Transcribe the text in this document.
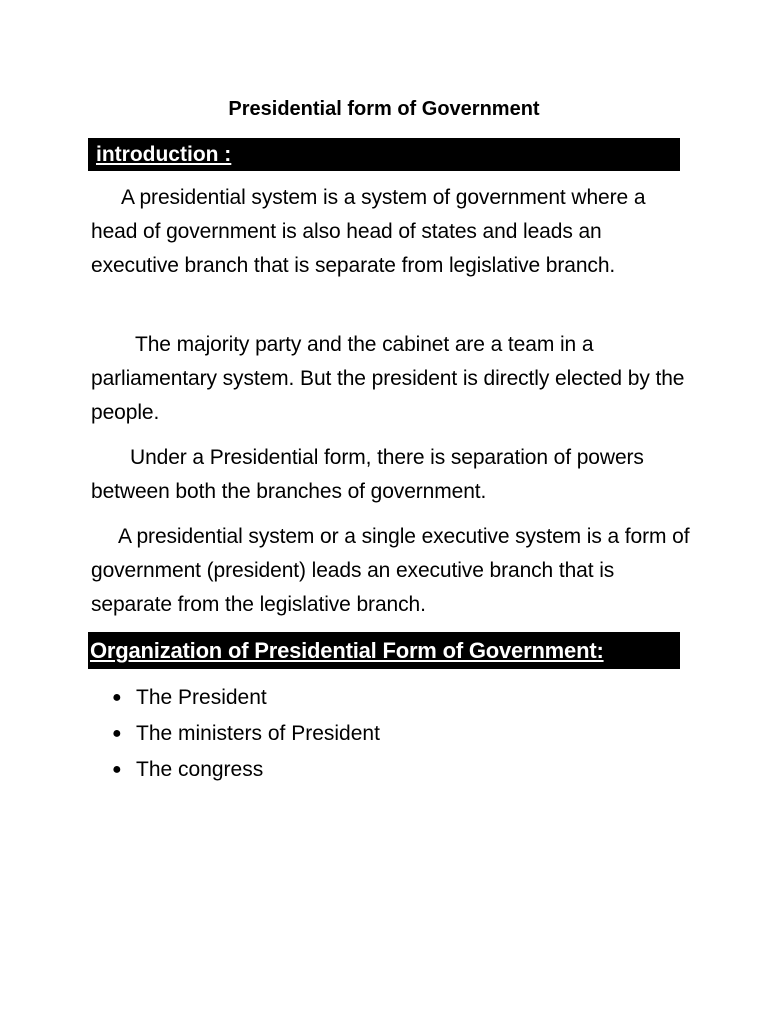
Presidential form of Government
introduction :

A presidential system is a system of government where a head of government is also head of states and leads an executive branch that is separate from legislative branch.

The majority party and the cabinet are a team in a parliamentary system. But the president is directly elected by the people.

Under a Presidential form, there is separation of powers between both the branches of government.

A presidential system or a single executive system is a form of government (president) leads an executive branch that is separate from the legislative branch.

Organization of Presidential Form of Government:
● The President
● The ministers of President
● The congress
